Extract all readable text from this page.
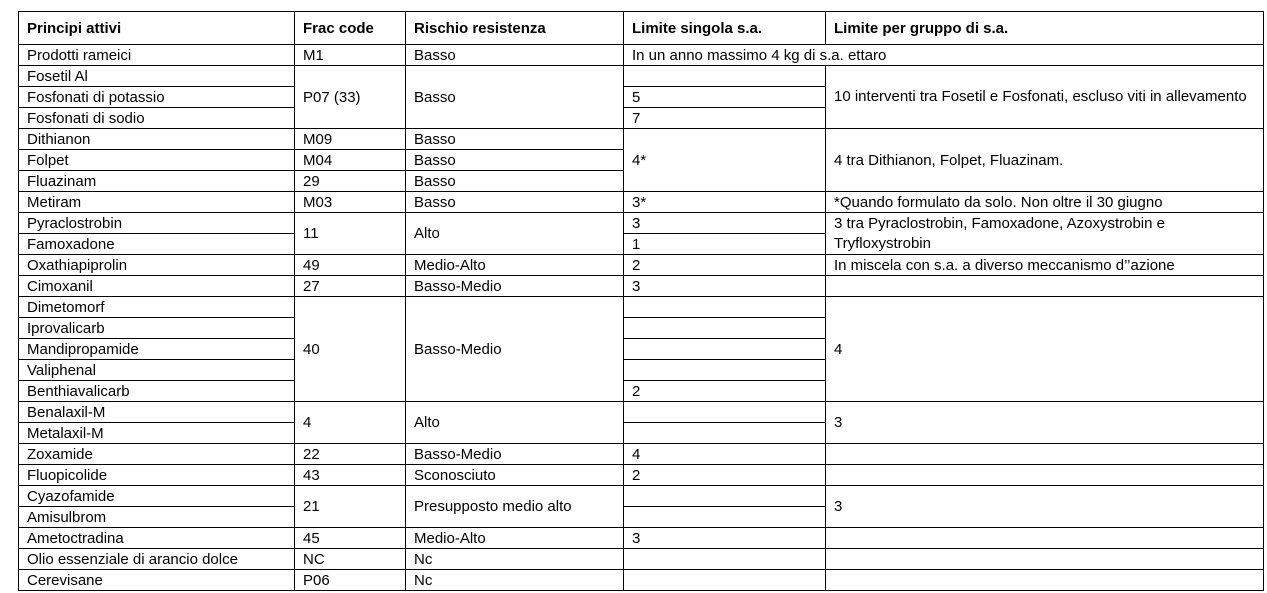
Principi attivi	Frac code	Rischio resistenza	Limite singola s.a.	Limite per gruppo di s.a.
Prodotti rameici	M1	Basso	In un anno massimo 4 kg di s.a. ettaro	
Fosetil Al	P07 (33)	Basso		10 interventi tra Fosetil e Fosfonati, escluso viti in allevamento
Fosfonati di potassio			5	
Fosfonati di sodio			7	
Dithianon	M09	Basso	4*	4 tra Dithianon, Folpet, Fluazinam.
Folpet	M04	Basso		
Fluazinam	29	Basso		
Metiram	M03	Basso	3*	*Quando formulato da solo. Non oltre il 30 giugno
Pyraclostrobin	11	Alto	3	3 tra Pyraclostrobin, Famoxadone, Azoxystrobin e Tryfloxystrobin
Famoxadone			1	
Oxathiapiprolin	49	Medio-Alto	2	In miscela con s.a. a diverso meccanismo d’’azione
Cimoxanil	27	Basso-Medio	3	
Dimetomorf	40	Basso-Medio		4
Iprovalicarb				
Mandipropamide				
Valiphenal				
Benthiavalicarb			2	
Benalaxil-M	4	Alto		3
Metalaxil-M				
Zoxamide	22	Basso-Medio	4	
Fluopicolide	43	Sconosciuto	2	
Cyazofamide	21	Presupposto medio alto		3
Amisulbrom				
Ametoctradina	45	Medio-Alto	3	
Olio essenziale di arancio dolce	NC	Nc		
Cerevisane	P06	Nc		
